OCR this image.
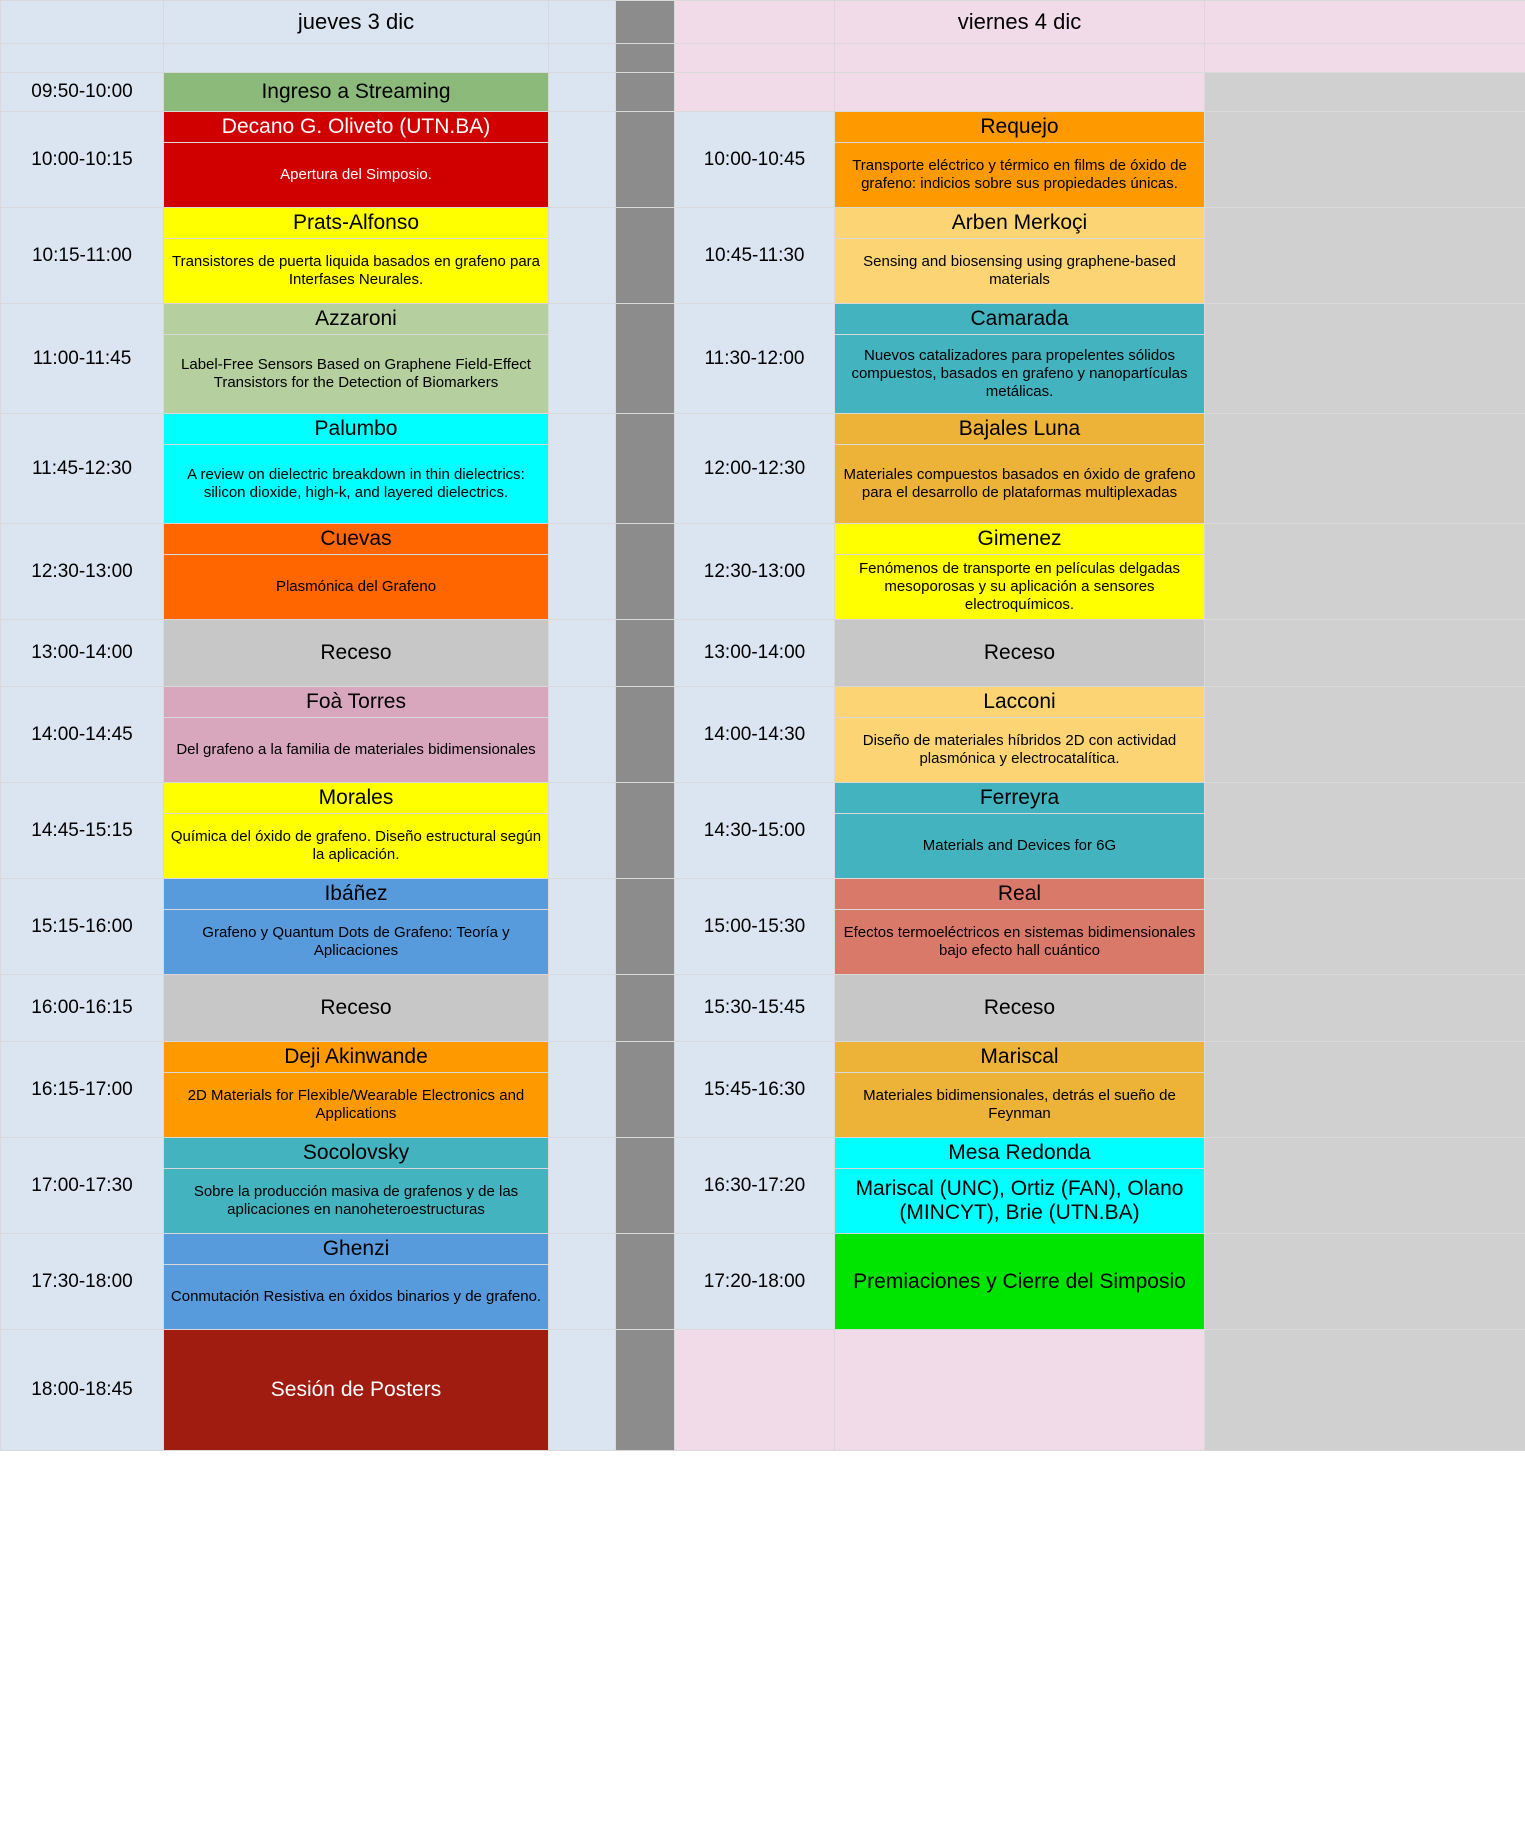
jueves 3 dic				viernes 4 dic	

09:50-10:00	Ingreso a Streaming					

10:00-10:15	Decano G. Oliveto (UTN.BA)			10:00-10:45	Requejo	

Apertura del Simposio.				Transporte eléctrico y térmico en films de óxido de grafeno: indicios sobre sus propiedades únicas.	

10:15-11:00	Prats-Alfonso			10:45-11:30	Arben Merkoçi	

Transistores de puerta liquida basados en grafeno para Interfases Neurales.				Sensing and biosensing using graphene-based materials	

11:00-11:45	Azzaroni			11:30-12:00	Camarada	

Label-Free Sensors Based on Graphene Field-Effect Transistors for the Detection of Biomarkers				Nuevos catalizadores para propelentes sólidos compuestos, basados en grafeno y nanopartículas metálicas.	

11:45-12:30	Palumbo			12:00-12:30	Bajales Luna	

A review on dielectric breakdown in thin dielectrics: silicon dioxide, high-k, and layered dielectrics.				Materiales compuestos basados en óxido de grafeno para el desarrollo de plataformas multiplexadas	

12:30-13:00	Cuevas			12:30-13:00	Gimenez	

Plasmónica del Grafeno				Fenómenos de transporte en películas delgadas mesoporosas y su aplicación a sensores electroquímicos.	

13:00-14:00	Receso			13:00-14:00	Receso	

14:00-14:45	Foà Torres			14:00-14:30	Lacconi	

Del grafeno a la familia de materiales bidimensionales				Diseño de materiales híbridos 2D con actividad plasmónica y electrocatalítica.	

14:45-15:15	Morales			14:30-15:00	Ferreyra	

Química del óxido de grafeno. Diseño estructural según la aplicación.				Materials and Devices for 6G	

15:15-16:00	Ibáñez			15:00-15:30	Real	

Grafeno y Quantum Dots de Grafeno: Teoría y Aplicaciones				Efectos termoeléctricos en sistemas bidimensionales bajo efecto hall cuántico	

16:00-16:15	Receso			15:30-15:45	Receso	

16:15-17:00	Deji Akinwande			15:45-16:30	Mariscal	

2D Materials for Flexible/Wearable Electronics and Applications				Materiales bidimensionales, detrás el sueño de Feynman	

17:00-17:30	Socolovsky			16:30-17:20	Mesa Redonda	

Sobre la producción masiva de grafenos y de las aplicaciones en nanoheteroestructuras				Mariscal (UNC), Ortiz (FAN), Olano (MINCYT), Brie (UTN.BA)	

17:30-18:00	Ghenzi			17:20-18:00	Premiaciones y Cierre del Simposio	

Conmutación Resistiva en óxidos binarios y de grafeno.					

18:00-18:45	Sesión de Posters					
